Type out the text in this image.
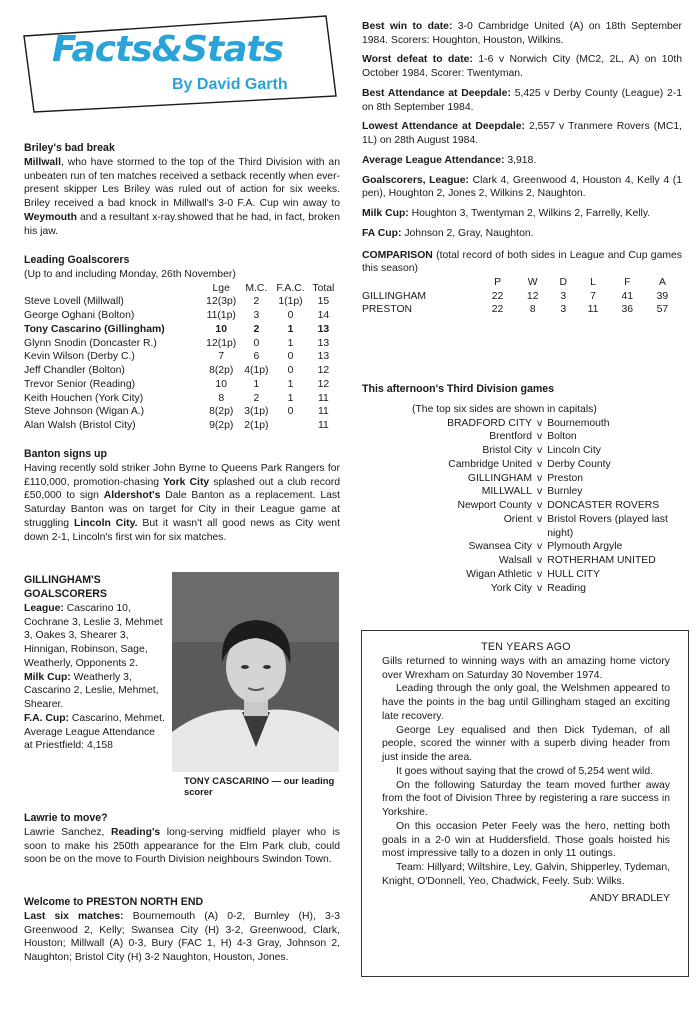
Facts&Stats
By David Garth

Briley's bad break

Millwall, who have stormed to the top of the Third Division with an unbeaten run of ten matches received a setback recently when ever-present skipper Les Briley was ruled out of action for six weeks. Briley received a bad knock in Millwall's 3-0 F.A. Cup win away to Weymouth and a resultant x-ray.showed that he had, in fact, broken his jaw.

Leading Goalscorers

(Up to and including Monday, 26th November)

	Lge	M.C.	F.A.C.	Total
Steve Lovell (Millwall)	12(3p)	2	1(1p)	15
George Oghani (Bolton)	11(1p)	3	0	14
Tony Cascarino (Gillingham)	10	2	1	13
Glynn Snodin (Doncaster R.)	12(1p)	0	1	13
Kevin Wilson (Derby C.)	7	6	0	13
Jeff Chandler (Bolton)	8(2p)	4(1p)	0	12
Trevor Senior (Reading)	10	1	1	12
Keith Houchen (York City)	8	2	1	11
Steve Johnson (Wigan A.)	8(2p)	3(1p)	0	11
Alan Walsh (Bristol City)	9(2p)	2(1p)		11

Banton signs up

Having recently sold striker John Byrne to Queens Park Rangers for £110,000, promotion-chasing York City splashed out a club record £50,000 to sign Aldershot's Dale Banton as a replacement. Last Saturday Banton was on target for City in their League game at struggling Lincoln City. But it wasn't all good news as City went down 2-1, Lincoln's first win for six matches.

GILLINGHAM'S

GOALSCORERS

League: Cascarino 10, Cochrane 3, Leslie 3, Mehmet 3, Oakes 3, Shearer 3, Hinnigan, Robinson, Sage, Weatherly, Opponents 2.

Milk Cup: Weatherly 3, Cascarino 2, Leslie, Mehmet, Shearer.

F.A. Cup: Cascarino, Mehmet.

Average League Attendance at Priestfield: 4,158

TONY CASCARINO — our leading scorer

Lawrie to move?

Lawrie Sanchez, Reading's long-serving midfield player who is soon to make his 250th appearance for the Elm Park club, could soon be on the move to Fourth Division neighbours Swindon Town.

Welcome to PRESTON NORTH END

Last six matches: Bournemouth (A) 0-2, Burnley (H), 3-3 Greenwood 2, Kelly; Swansea City (H) 3-2, Greenwood, Clark, Houston; Millwall (A) 0-3, Bury (FAC 1, H) 4-3 Gray, Johnson 2, Naughton; Bristol City (H) 3-2 Naughton, Houston, Jones.

Best win to date: 3-0 Cambridge United (A) on 18th September 1984. Scorers: Houghton, Houston, Wilkins.

Worst defeat to date: 1-6 v Norwich City (MC2, 2L, A) on 10th October 1984. Scorer: Twentyman.

Best Attendance at Deepdale: 5,425 v Derby County (League) 2-1 on 8th September 1984.

Lowest Attendance at Deepdale: 2,557 v Tranmere Rovers (MC1, 1L) on 28th August 1984.

Average League Attendance: 3,918.

Goalscorers, League: Clark 4, Greenwood 4, Houston 4, Kelly 4 (1 pen), Houghton 2, Jones 2, Wilkins 2, Naughton.

Milk Cup: Houghton 3, Twentyman 2, Wilkins 2, Farrelly, Kelly.

FA Cup: Johnson 2, Gray, Naughton.

COMPARISON (total record of both sides in League and Cup games this season)

	P	W	D	L	F	A
GILLINGHAM	22	12	3	7	41	39
PRESTON	22	8	3	11	36	57

This afternoon's Third Division games

(The top six sides are shown in capitals)

BRADFORD CITY	v	Bournemouth
Brentford	v	Bolton
Bristol City	v	Lincoln City
Cambridge United	v	Derby County
GILLINGHAM	v	Preston
MILLWALL	v	Burnley
Newport County	v	DONCASTER ROVERS
Orient	v	Bristol Rovers (played last night)
Swansea City	v	Plymouth Argyle
Walsall	v	ROTHERHAM UNITED
Wigan Athletic	v	HULL CITY
York City	v	Reading

TEN YEARS AGO

Gills returned to winning ways with an amazing home victory over Wrexham on Saturday 30 November 1974.

Leading through the only goal, the Welshmen appeared to have the points in the bag until Gillingham staged an exciting late recovery.

George Ley equalised and then Dick Tydeman, of all people, scored the winner with a superb diving header from just inside the area.

It goes without saying that the crowd of 5,254 went wild.

On the following Saturday the team moved further away from the foot of Division Three by registering a rare success in Yorkshire.

On this occasion Peter Feely was the hero, netting both goals in a 2-0 win at Huddersfield. Those goals hoisted his most impressive tally to a dozen in only 11 outings.

Team: Hillyard; Wiltshire, Ley, Galvin, Shipperley, Tydeman, Knight, O'Donnell, Yeo, Chadwick, Feely. Sub: Wilks.

ANDY BRADLEY
